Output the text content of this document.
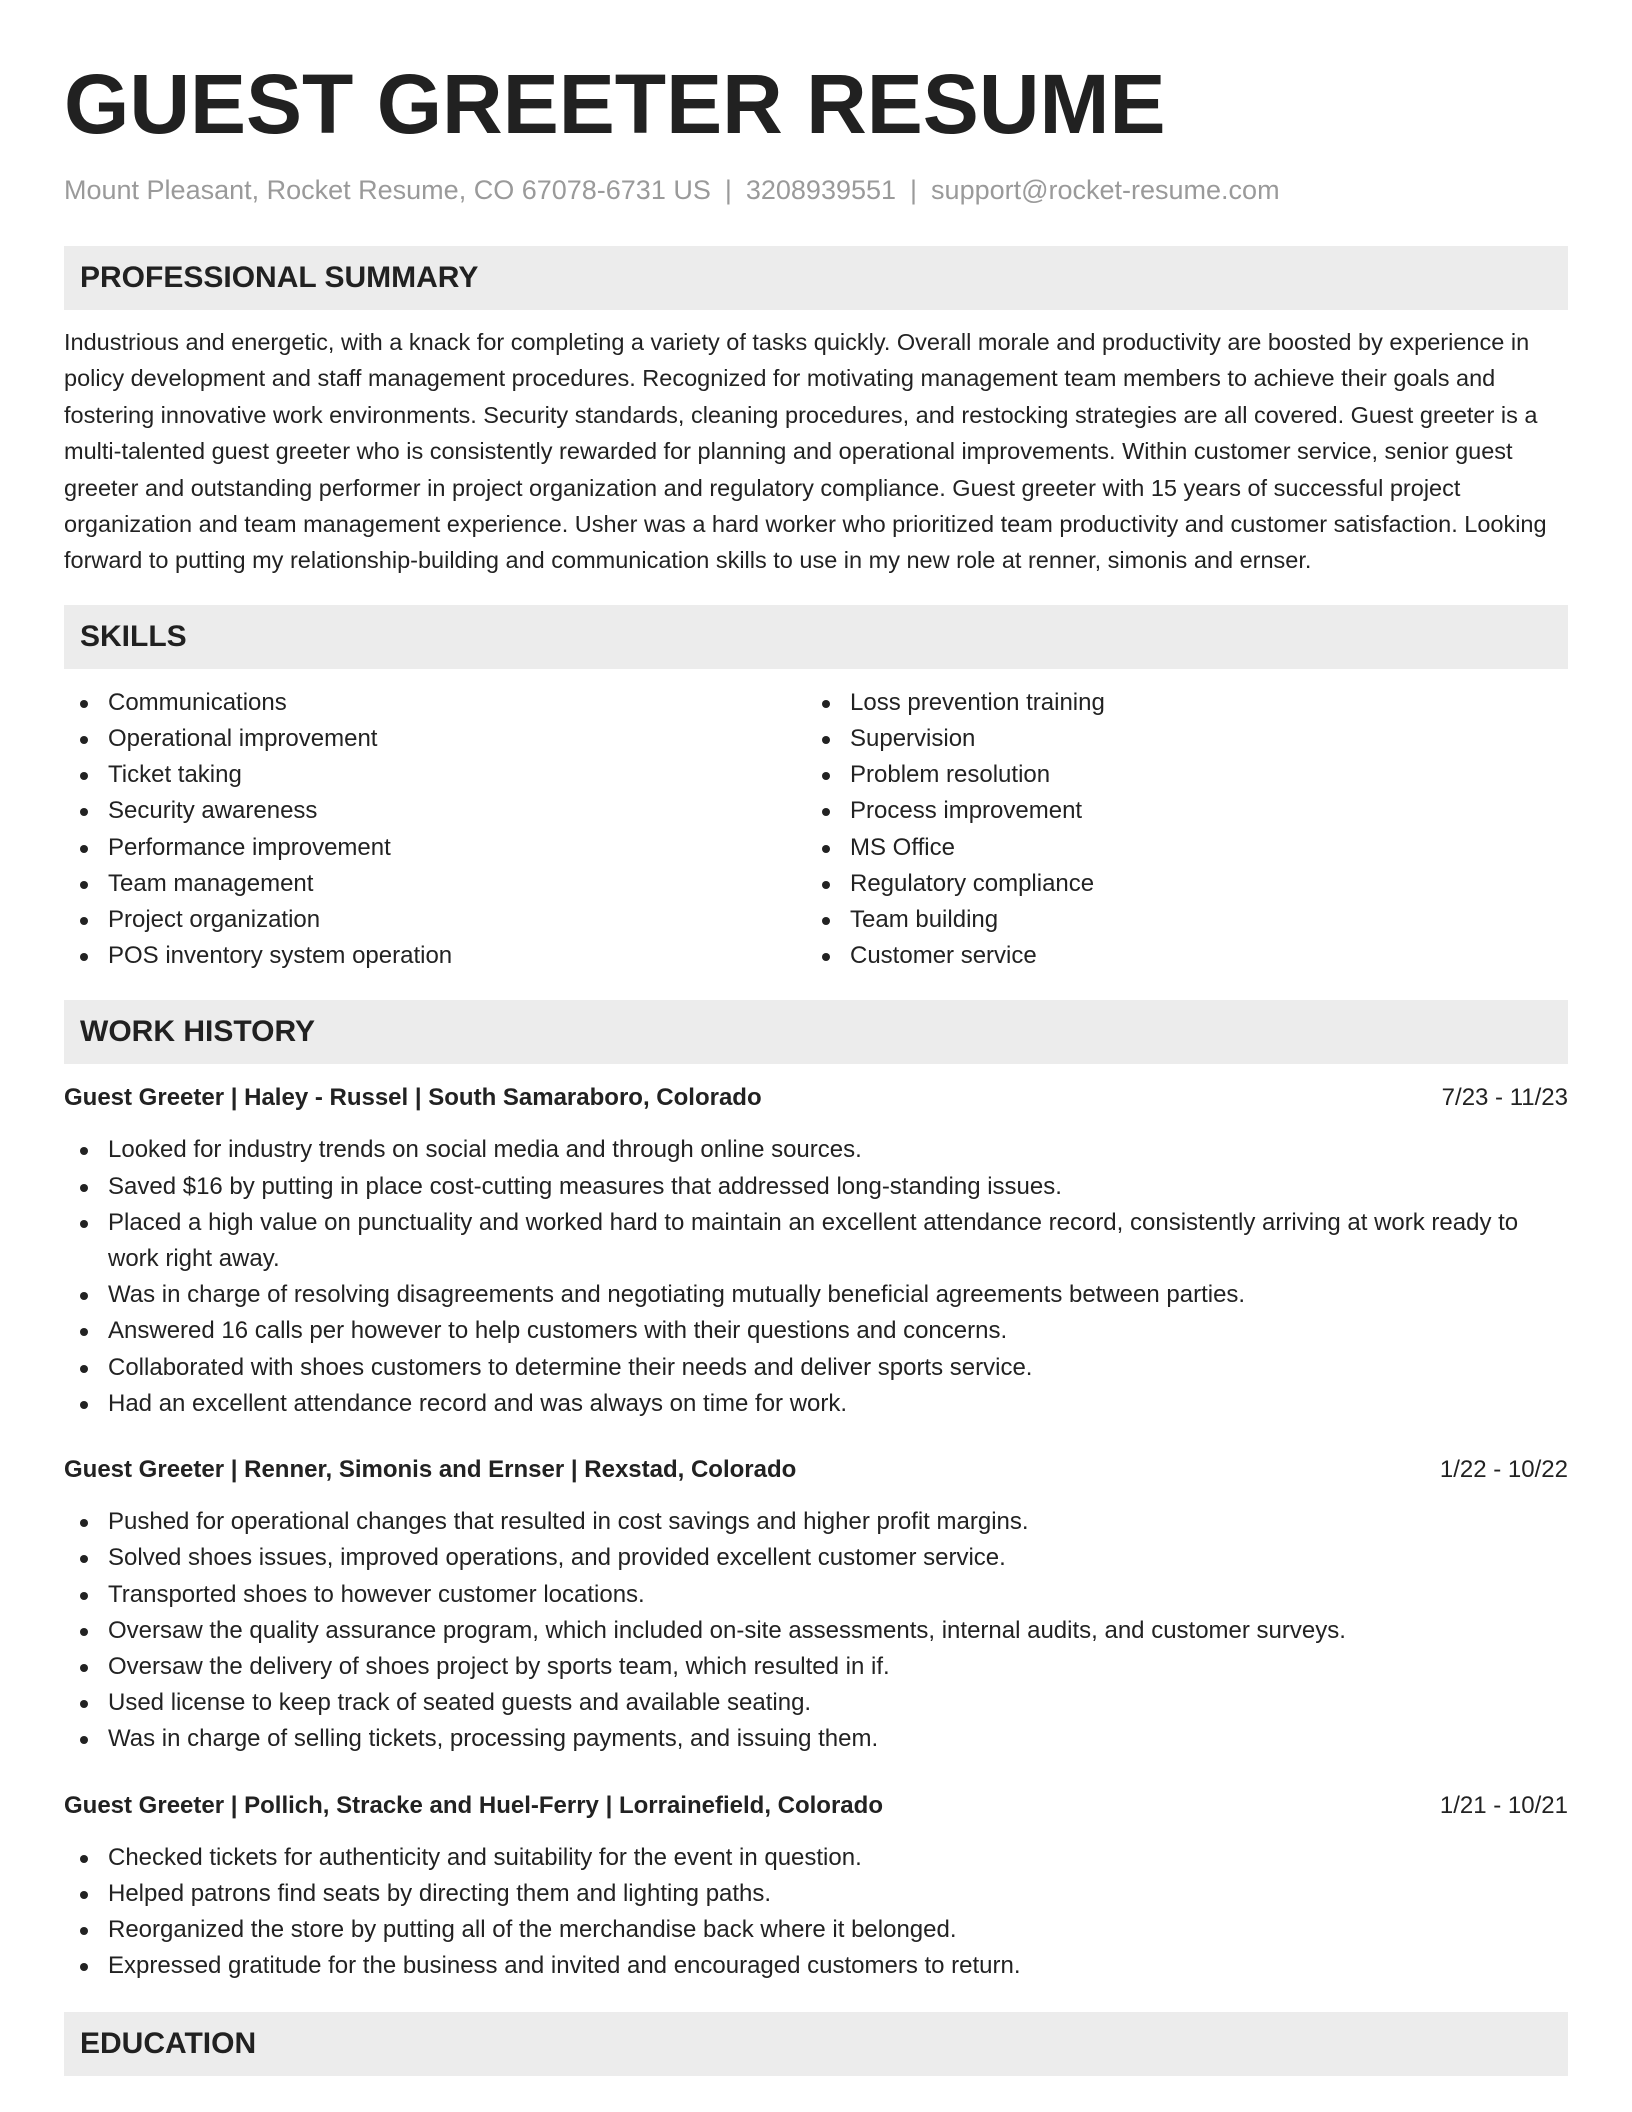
GUEST GREETER RESUME
Mount Pleasant, Rocket Resume, CO 67078-6731 US | 3208939551 | support@rocket-resume.com
PROFESSIONAL SUMMARY

Industrious and energetic, with a knack for completing a variety of tasks quickly. Overall morale and productivity are boosted by experience in policy development and staff management procedures. Recognized for motivating management team members to achieve their goals and fostering innovative work environments. Security standards, cleaning procedures, and restocking strategies are all covered. Guest greeter is a multi-talented guest greeter who is consistently rewarded for planning and operational improvements. Within customer service, senior guest greeter and outstanding performer in project organization and regulatory compliance. Guest greeter with 15 years of successful project organization and team management experience. Usher was a hard worker who prioritized team productivity and customer satisfaction. Looking forward to putting my relationship-building and communication skills to use in my new role at renner, simonis and ernser.

SKILLS
Communications
Operational improvement
Ticket taking
Security awareness
Performance improvement
Team management
Project organization
POS inventory system operation
Loss prevention training
Supervision
Problem resolution
Process improvement
MS Office
Regulatory compliance
Team building
Customer service
WORK HISTORY
Guest Greeter | Haley - Russel | South Samaraboro, Colorado	7/23 - 11/23
Looked for industry trends on social media and through online sources.
Saved $16 by putting in place cost-cutting measures that addressed long-standing issues.
Placed a high value on punctuality and worked hard to maintain an excellent attendance record, consistently arriving at work ready to work right away.
Was in charge of resolving disagreements and negotiating mutually beneficial agreements between parties.
Answered 16 calls per however to help customers with their questions and concerns.
Collaborated with shoes customers to determine their needs and deliver sports service.
Had an excellent attendance record and was always on time for work.
Guest Greeter | Renner, Simonis and Ernser | Rexstad, Colorado	1/22 - 10/22
Pushed for operational changes that resulted in cost savings and higher profit margins.
Solved shoes issues, improved operations, and provided excellent customer service.
Transported shoes to however customer locations.
Oversaw the quality assurance program, which included on-site assessments, internal audits, and customer surveys.
Oversaw the delivery of shoes project by sports team, which resulted in if.
Used license to keep track of seated guests and available seating.
Was in charge of selling tickets, processing payments, and issuing them.
Guest Greeter | Pollich, Stracke and Huel-Ferry | Lorrainefield, Colorado	1/21 - 10/21
Checked tickets for authenticity and suitability for the event in question.
Helped patrons find seats by directing them and lighting paths.
Reorganized the store by putting all of the merchandise back where it belonged.
Expressed gratitude for the business and invited and encouraged customers to return.
EDUCATION
